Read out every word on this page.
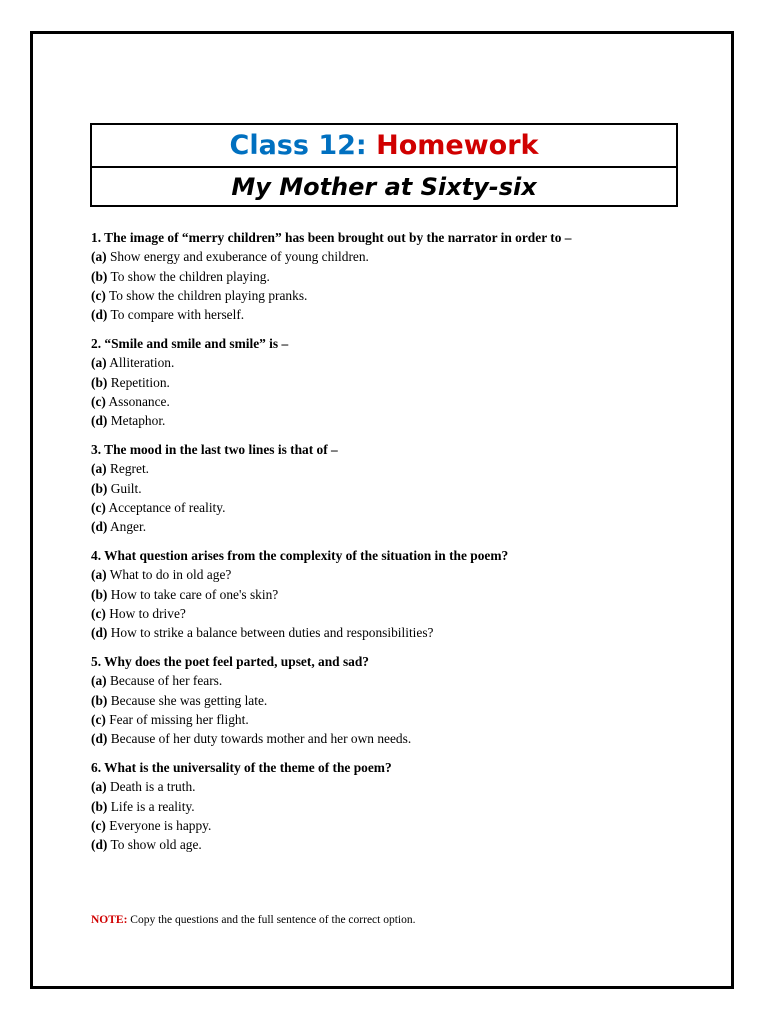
Class 12: Homework
My Mother at Sixty-six
1. The image of “merry children” has been brought out by the narrator in order to –
(a) Show energy and exuberance of young children.
(b) To show the children playing.
(c) To show the children playing pranks.
(d) To compare with herself.
2. “Smile and smile and smile” is –
(a) Alliteration.
(b) Repetition.
(c) Assonance.
(d) Metaphor.
3. The mood in the last two lines is that of –
(a) Regret.
(b) Guilt.
(c) Acceptance of reality.
(d) Anger.
4. What question arises from the complexity of the situation in the poem?
(a) What to do in old age?
(b) How to take care of one's skin?
(c) How to drive?
(d) How to strike a balance between duties and responsibilities?
5. Why does the poet feel parted, upset, and sad?
(a) Because of her fears.
(b) Because she was getting late.
(c) Fear of missing her flight.
(d) Because of her duty towards mother and her own needs.
6. What is the universality of the theme of the poem?
(a) Death is a truth.
(b) Life is a reality.
(c) Everyone is happy.
(d) To show old age.
NOTE: Copy the questions and the full sentence of the correct option.
